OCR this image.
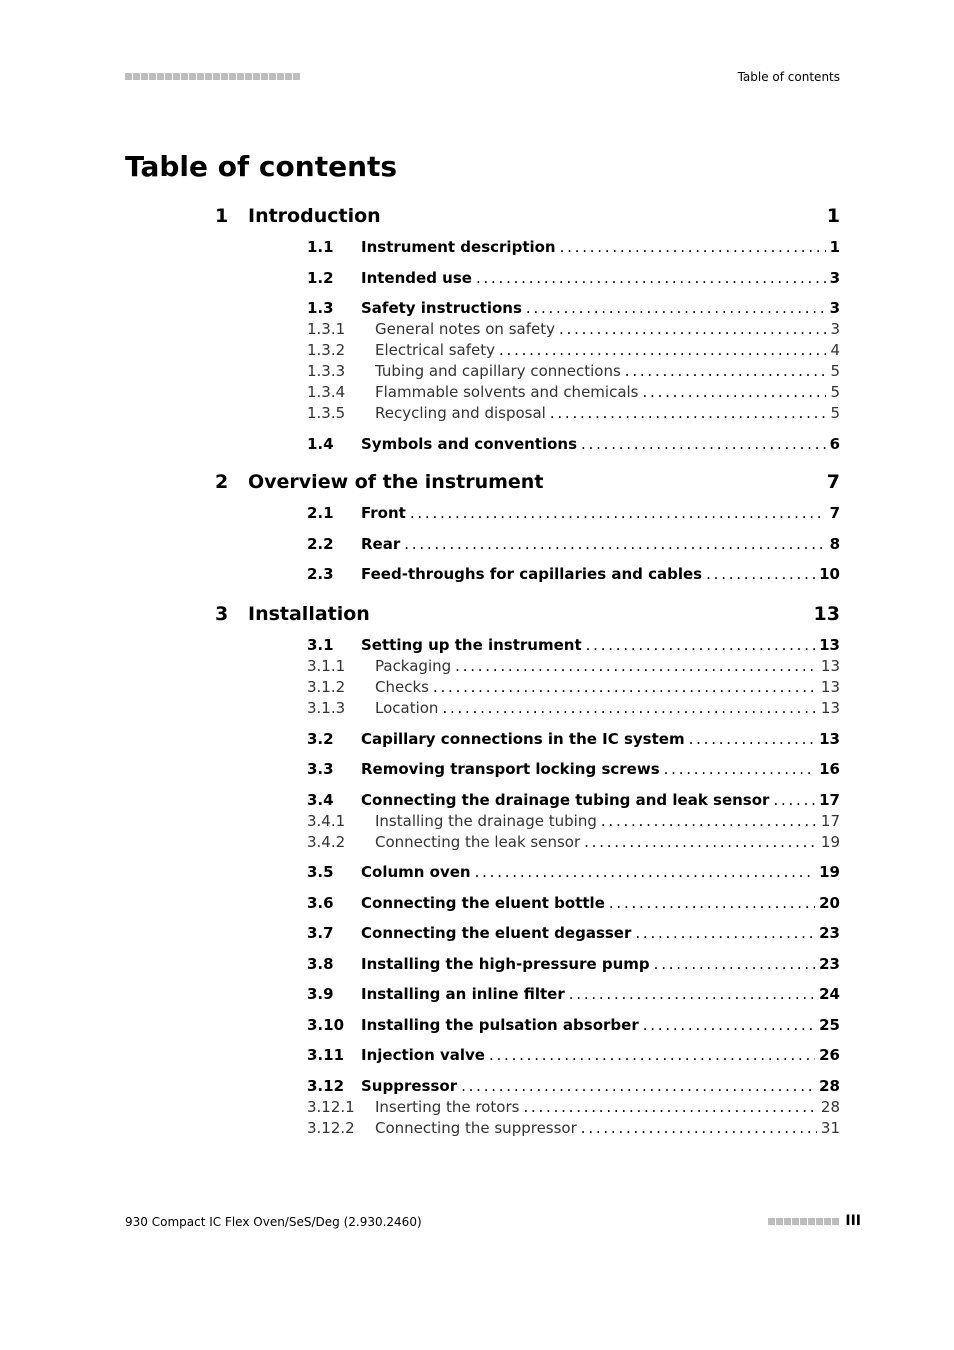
Table of contents
Table of contents
1 Introduction	1
1.1 Instrument description . . .	1
1.2 Intended use . . .	3
1.3 Safety instructions . . .	3
1.3.1 General notes on safety . . .	3
1.3.2 Electrical safety . . .	4
1.3.3 Tubing and capillary connections . . .	5
1.3.4 Flammable solvents and chemicals . . .	5
1.3.5 Recycling and disposal . . .	5
1.4 Symbols and conventions . . .	6
2 Overview of the instrument	7
2.1 Front . . .	7
2.2 Rear . . .	8
2.3 Feed-throughs for capillaries and cables . . .	10
3 Installation	13
3.1 Setting up the instrument . . .	13
3.1.1 Packaging . . .	13
3.1.2 Checks . . .	13
3.1.3 Location . . .	13
3.2 Capillary connections in the IC system . . .	13
3.3 Removing transport locking screws . . .	16
3.4 Connecting the drainage tubing and leak sensor . . .	17
3.4.1 Installing the drainage tubing . . .	17
3.4.2 Connecting the leak sensor . . .	19
3.5 Column oven . . .	19
3.6 Connecting the eluent bottle . . .	20
3.7 Connecting the eluent degasser . . .	23
3.8 Installing the high-pressure pump . . .	23
3.9 Installing an inline filter . . .	24
3.10 Installing the pulsation absorber . . .	25
3.11 Injection valve . . .	26
3.12 Suppressor . . .	28
3.12.1 Inserting the rotors . . .	28
3.12.2 Connecting the suppressor . . .	31
930 Compact IC Flex Oven/SeS/Deg (2.930.2460)	III
